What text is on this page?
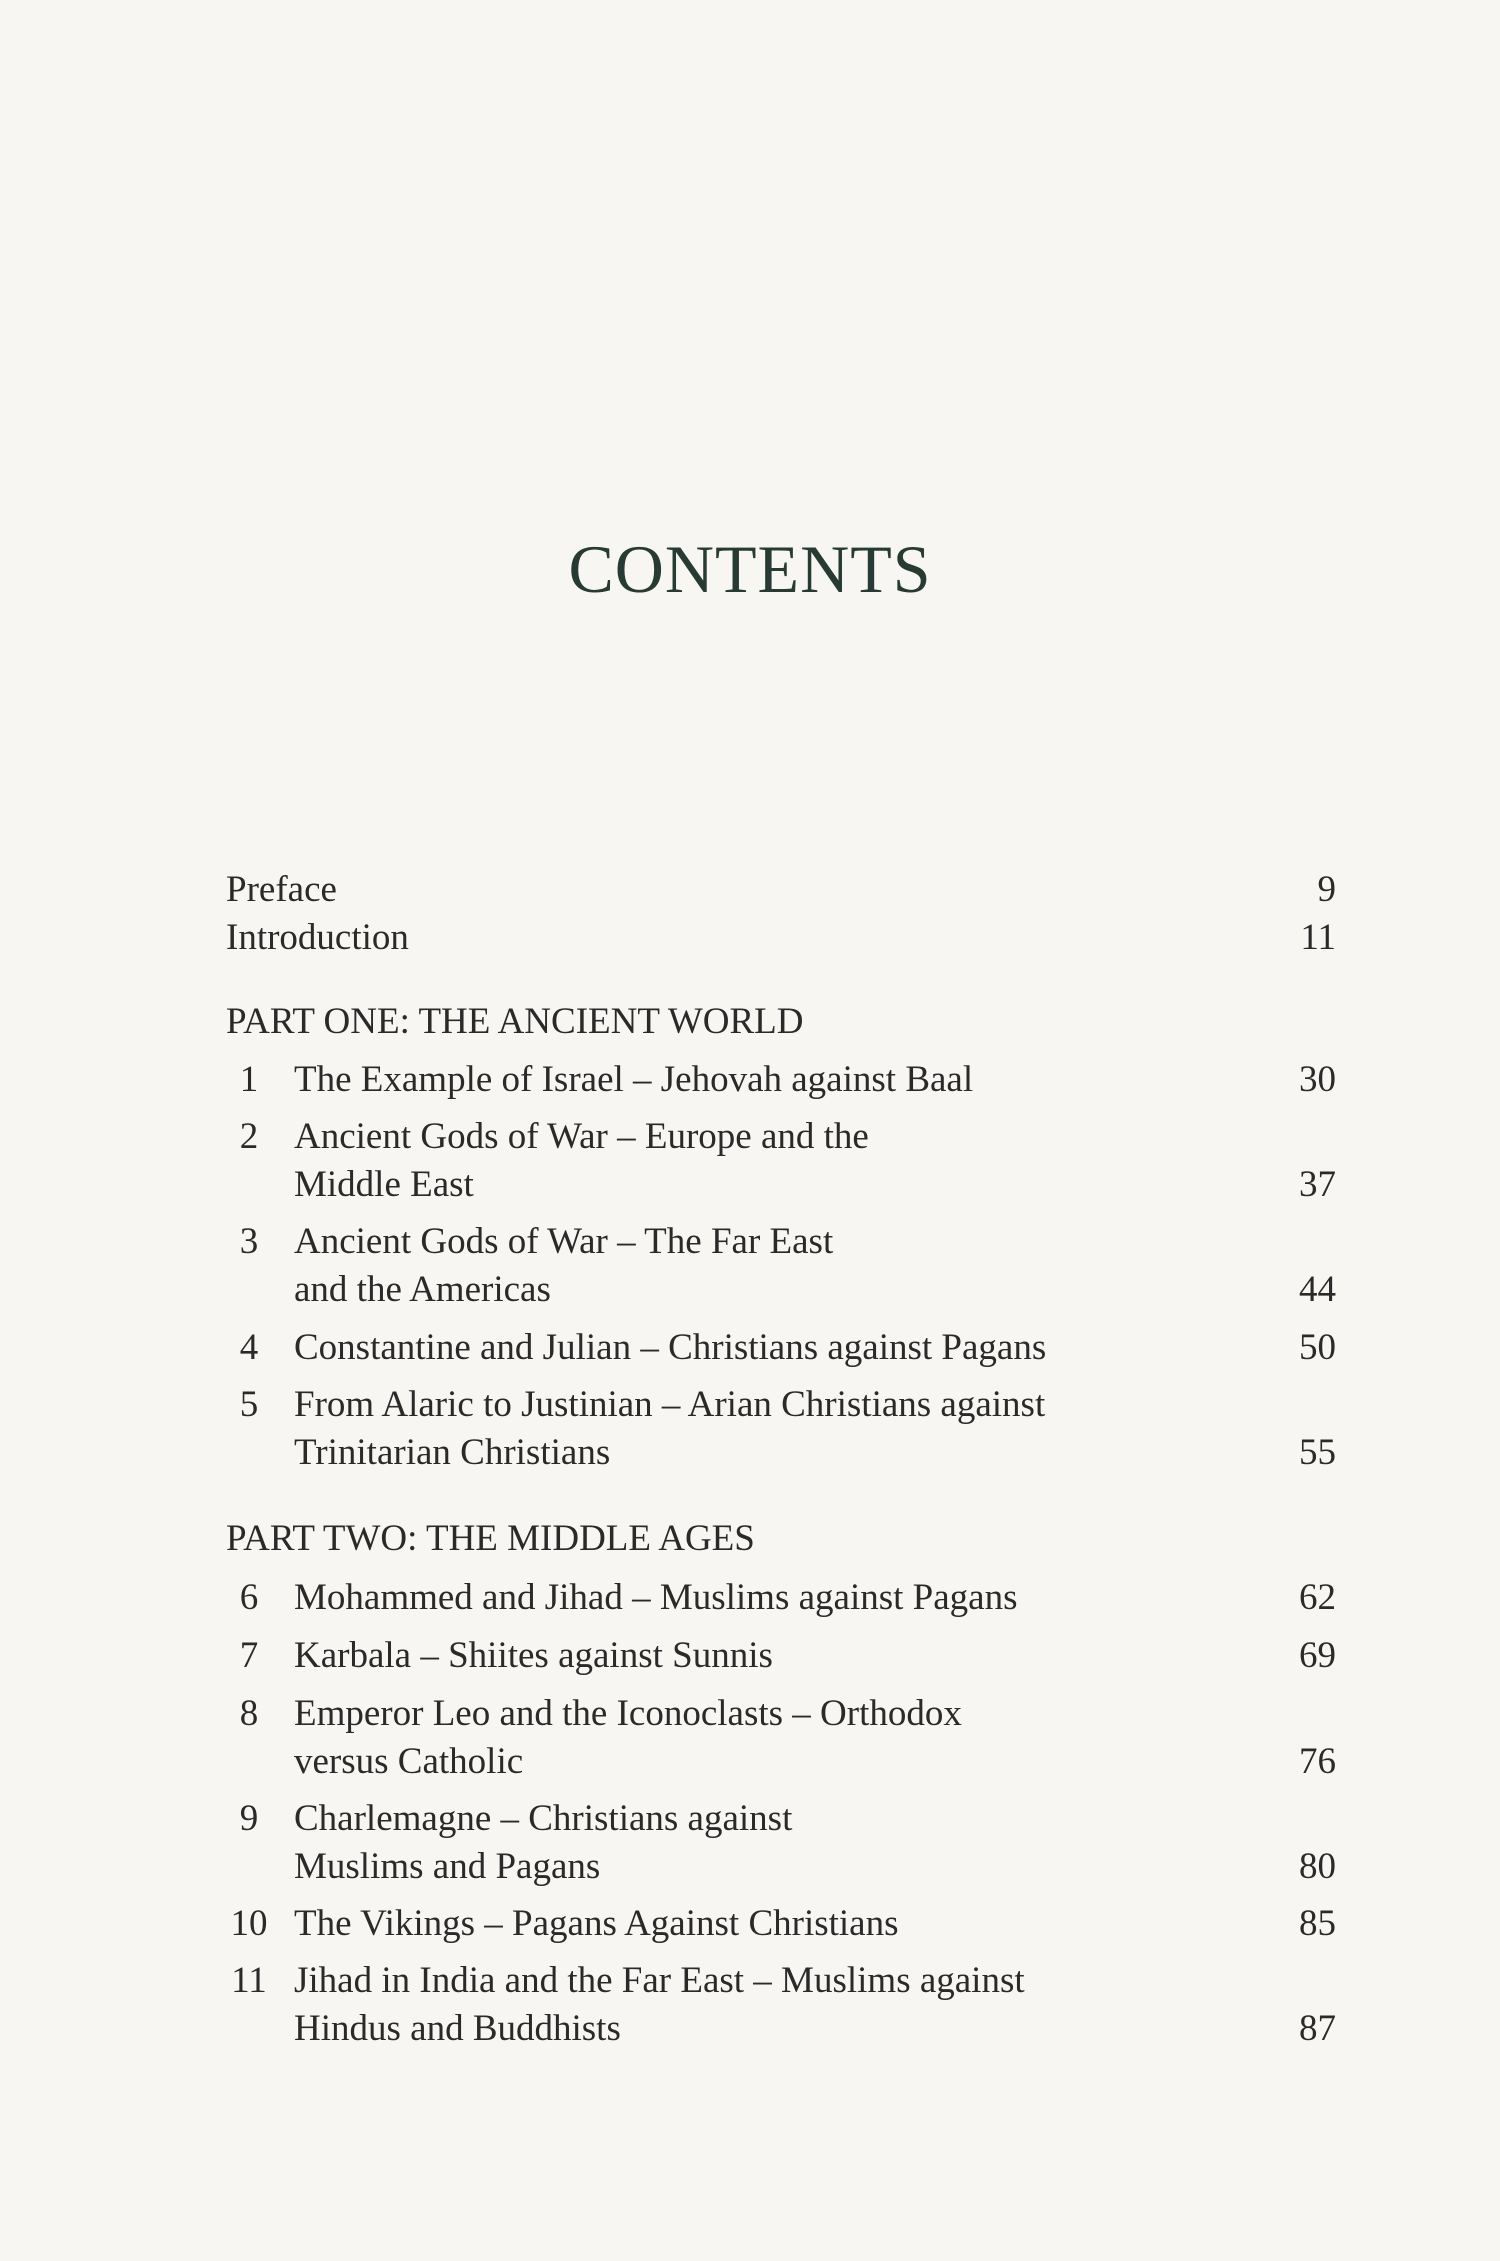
CONTENTS
Preface	9
Introduction	11
PART ONE: THE ANCIENT WORLD
1 The Example of Israel – Jehovah against Baal	30
2 Ancient Gods of War – Europe and the
Middle East	37
3 Ancient Gods of War – The Far East
and the Americas	44
4 Constantine and Julian – Christians against Pagans	50
5 From Alaric to Justinian – Arian Christians against
Trinitarian Christians	55
PART TWO: THE MIDDLE AGES
6 Mohammed and Jihad – Muslims against Pagans	62
7 Karbala – Shiites against Sunnis	69
8 Emperor Leo and the Iconoclasts – Orthodox
versus Catholic	76
9 Charlemagne – Christians against
Muslims and Pagans	80
10 The Vikings – Pagans Against Christians	85
11 Jihad in India and the Far East – Muslims against
Hindus and Buddhists	87
